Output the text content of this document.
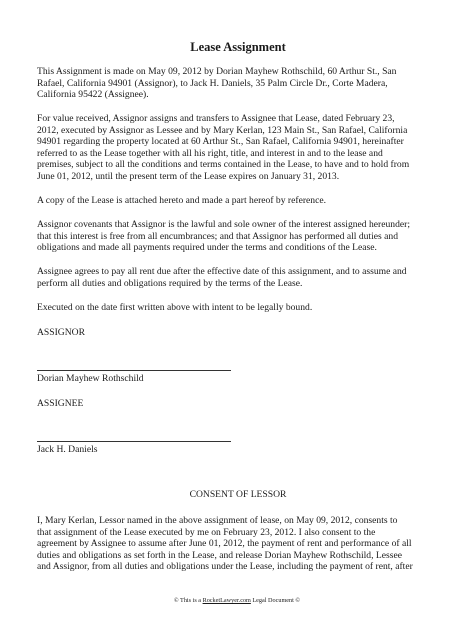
Lease Assignment

This Assignment is made on May 09, 2012 by Dorian Mayhew Rothschild, 60 Arthur St., San
Rafael, California 94901 (Assignor), to Jack H. Daniels, 35 Palm Circle Dr., Corte Madera,
California 95422 (Assignee).

For value received, Assignor assigns and transfers to Assignee that Lease, dated February 23,
2012, executed by Assignor as Lessee and by Mary Kerlan, 123 Main St., San Rafael, California
94901 regarding the property located at 60 Arthur St., San Rafael, California 94901, hereinafter
referred to as the Lease together with all his right, title, and interest in and to the lease and
premises, subject to all the conditions and terms contained in the Lease, to have and to hold from
June 01, 2012, until the present term of the Lease expires on January 31, 2013.

A copy of the Lease is attached hereto and made a part hereof by reference.

Assignor covenants that Assignor is the lawful and sole owner of the interest assigned hereunder;
that this interest is free from all encumbrances; and that Assignor has performed all duties and
obligations and made all payments required under the terms and conditions of the Lease.

Assignee agrees to pay all rent due after the effective date of this assignment, and to assume and
perform all duties and obligations required by the terms of the Lease.

Executed on the date first written above with intent to be legally bound.

ASSIGNOR
Dorian Mayhew Rothschild
ASSIGNEE
Jack H. Daniels
CONSENT OF LESSOR

I, Mary Kerlan, Lessor named in the above assignment of lease, on May 09, 2012, consents to
that assignment of the Lease executed by me on February 23, 2012. I also consent to the
agreement by Assignee to assume after June 01, 2012, the payment of rent and performance of all
duties and obligations as set forth in the Lease, and release Dorian Mayhew Rothschild, Lessee
and Assignor, from all duties and obligations under the Lease, including the payment of rent, after

© This is a RocketLawyer.com Legal Document ©
